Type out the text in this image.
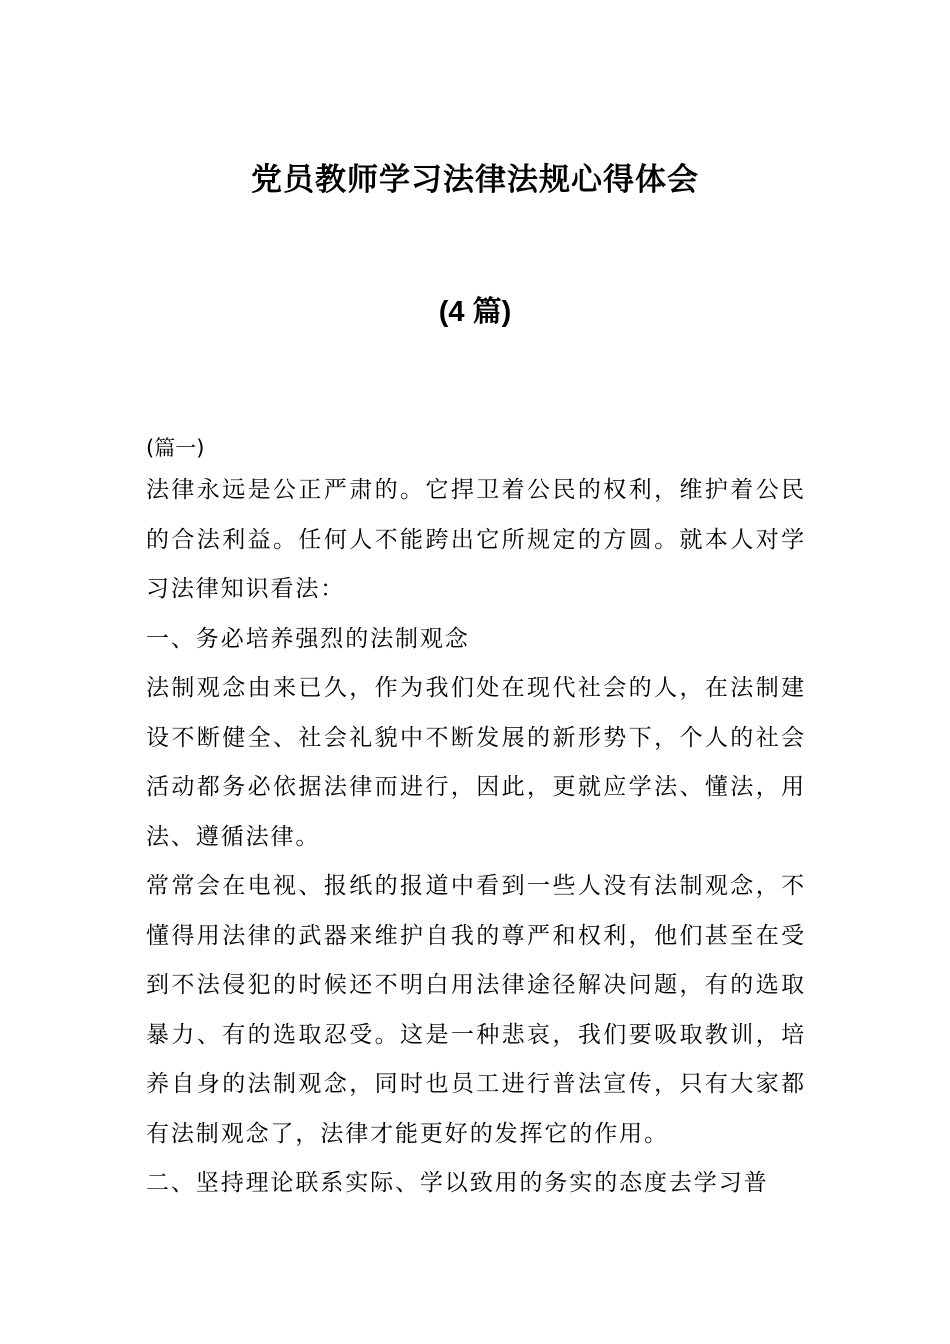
党员教师学习法律法规心得体会
(4 篇)
(篇一)

法律永远是公正严肃的。它捍卫着公民的权利，维护着公民的合法利益。任何人不能跨出它所规定的方圆。就本人对学习法律知识看法：

一、务必培养强烈的法制观念

法制观念由来已久，作为我们处在现代社会的人，在法制建设不断健全、社会礼貌中不断发展的新形势下，个人的社会活动都务必依据法律而进行，因此，更就应学法、懂法，用法、遵循法律。

常常会在电视、报纸的报道中看到一些人没有法制观念，不懂得用法律的武器来维护自我的尊严和权利，他们甚至在受到不法侵犯的时候还不明白用法律途径解决问题，有的选取暴力、有的选取忍受。这是一种悲哀，我们要吸取教训，培养自身的法制观念，同时也员工进行普法宣传，只有大家都有法制观念了，法律才能更好的发挥它的作用。

二、坚持理论联系实际、学以致用的务实的态度去学习普
